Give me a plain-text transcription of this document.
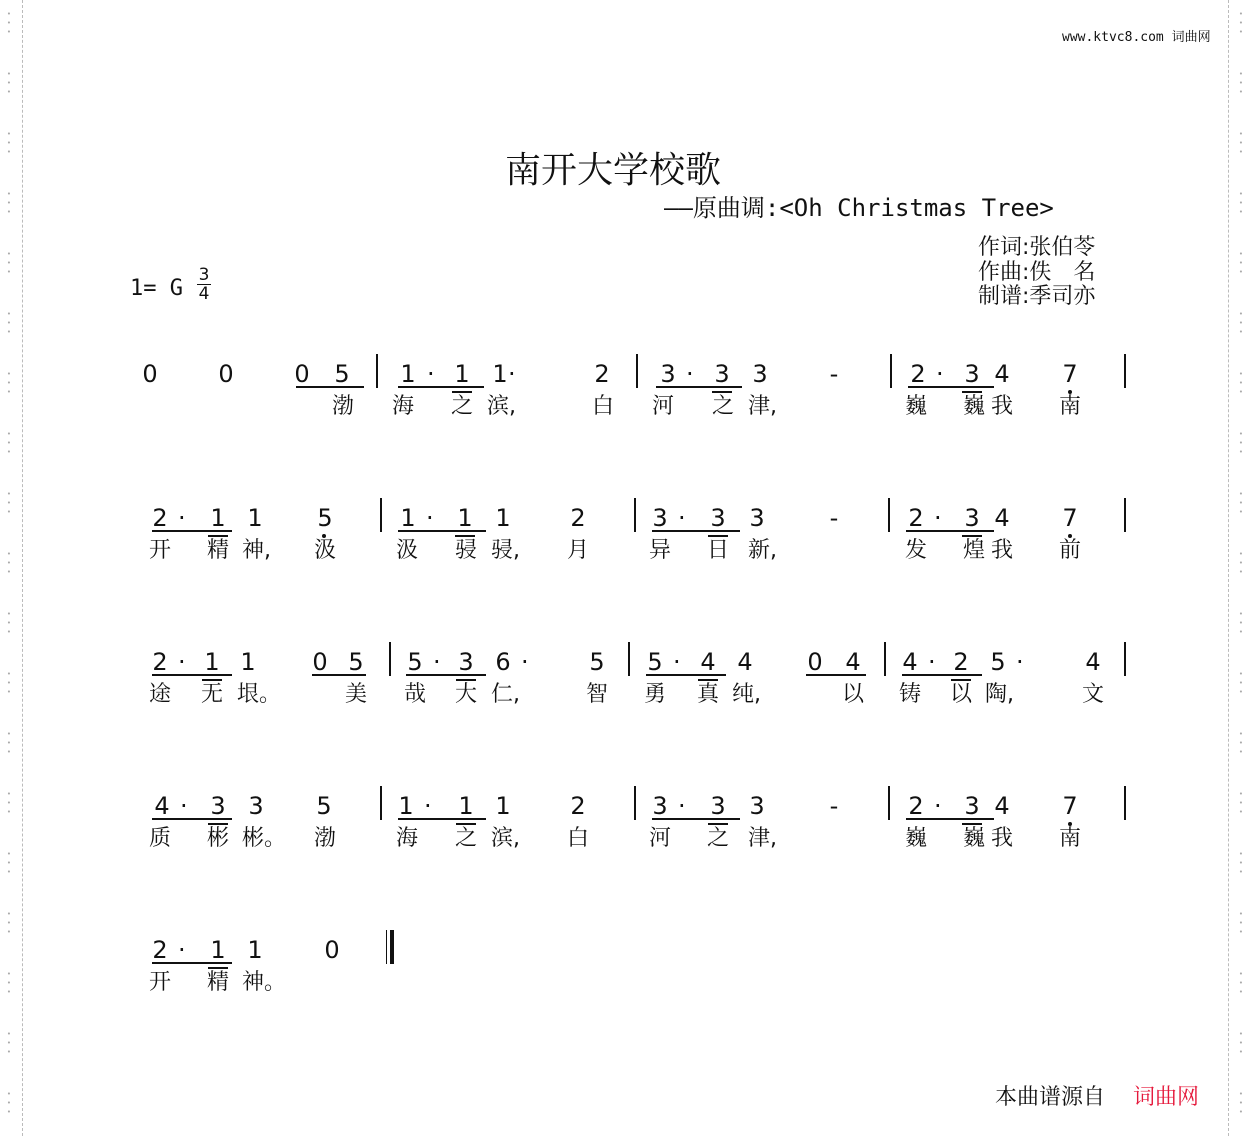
www.ktvc8.com 词曲网
南开大学校歌
——原曲调:<Oh Christmas Tree>
作词:张伯苓
作曲:佚　名
制谱:季司亦
1= G
3
4
0	0	0 5 1 · 1 1 ·	2 3 · 3 3	-	2 · 3 4 7
渤 海 之 滨,	白 河 之 津,	巍 巍 我 南
2 · 1 1 5	1 · 1 1 2	3 · 3 3	-	2 · 3 4 7
开 精 神, 汲	汲 骎 骎, 月	异 日 新,	发 煌 我 前
2 · 1 1 0 5 5 · 3 6 ·	5 5 · 4 4 0 4 4 · 2 5 ·	4
途 无 垠。	美 哉 大 仁,	智 勇 真 纯,	以 铸 以 陶,	文
4 · 3 3 5	1 · 1 1 2	3 · 3 3	-	2 · 3 4 7
质 彬 彬。 渤	海 之 滨, 白	河 之 津,	巍 巍 我 南
2 · 1 1	0
开 精 神。
本曲谱源自 词曲网
•
•
•
•
•
•
•
•
•
•
•
•
•
•
•
•
•
•
•
•
•
•
•
•
•
•
•
•
•
•
•
•
•
•
•
•
•
•
•
•
•
•
•
•
•
•
•
•
•
•
•
•
•
•
•
•
•
•
•
•
•
•
•
•
•
•
•
•
•
•
•
•
•
•
•
•
•
•
•
•
•
•
•
•
•
•
•
•
•
•
•
•
•
•
•
•
•
•
•
•
•
•
•
•
•
•
•
•
•
•
•
•
•
•
